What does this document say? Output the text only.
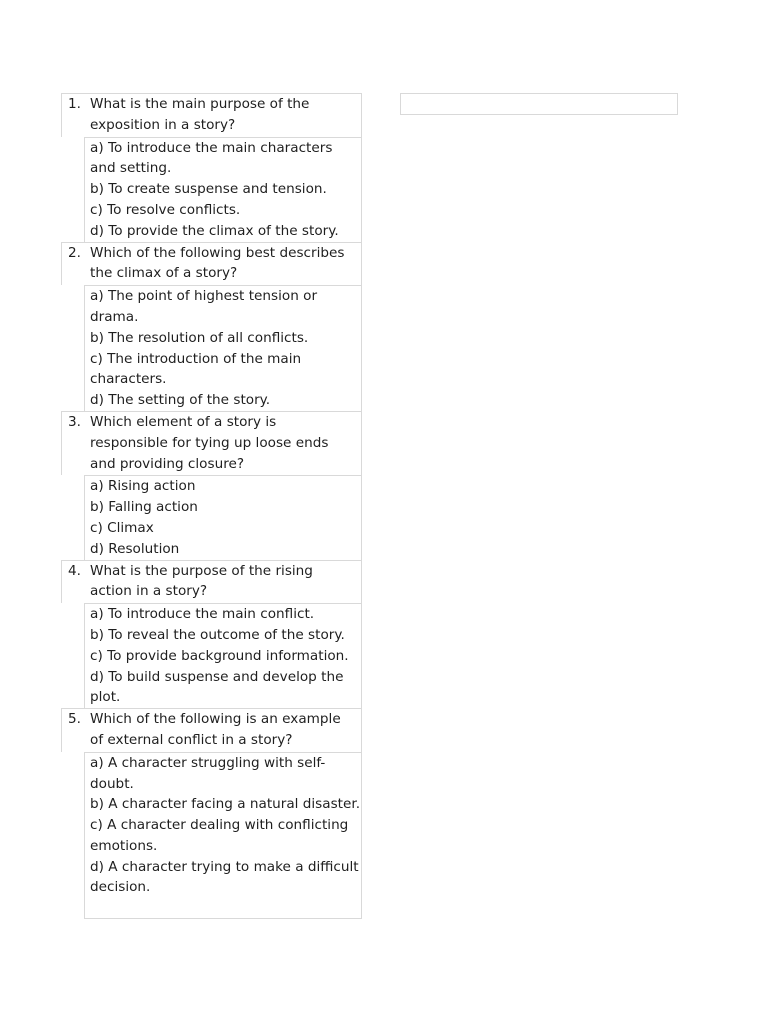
1. What is the main purpose of the exposition in a story?
a) To introduce the main characters and setting.
b) To create suspense and tension.
c) To resolve conflicts.
d) To provide the climax of the story.
2. Which of the following best describes the climax of a story?
a) The point of highest tension or drama.
b) The resolution of all conflicts.
c) The introduction of the main characters.
d) The setting of the story.
3. Which element of a story is responsible for tying up loose ends and providing closure?
a) Rising action
b) Falling action
c) Climax
d) Resolution
4. What is the purpose of the rising action in a story?
a) To introduce the main conflict.
b) To reveal the outcome of the story.
c) To provide background information.
d) To build suspense and develop the plot.
5. Which of the following is an example of external conflict in a story?
a) A character struggling with self-doubt.
b) A character facing a natural disaster.
c) A character dealing with conflicting emotions.
d) A character trying to make a difficult decision.
